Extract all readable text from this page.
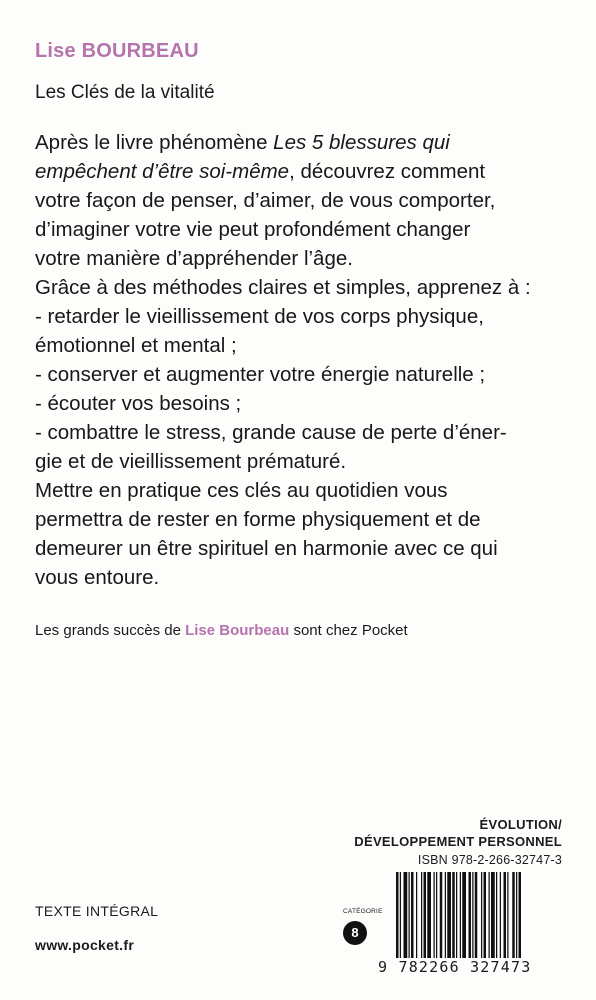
Lise BOURBEAU
Les Clés de la vitalité
Après le livre phénomène Les 5 blessures qui
empêchent d’être soi-même, découvrez comment
votre façon de penser, d’aimer, de vous comporter,
d’imaginer votre vie peut profondément changer
votre manière d’appréhender l’âge.
Grâce à des méthodes claires et simples, apprenez à :
- retarder le vieillissement de vos corps physique,
émotionnel et mental ;
- conserver et augmenter votre énergie naturelle ;
- écouter vos besoins ;
- combattre le stress, grande cause de perte d’éner-
gie et de vieillissement prématuré.
Mettre en pratique ces clés au quotidien vous
permettra de rester en forme physiquement et de
demeurer un être spirituel en harmonie avec ce qui
vous entoure.
Les grands succès de Lise Bourbeau sont chez Pocket
ÉVOLUTION/
DÉVELOPPEMENT PERSONNEL
ISBN 978-2-266-32747-3
9 782266 327473
TEXTE INTÉGRAL
www.pocket.fr
CATÉGORIE
8
